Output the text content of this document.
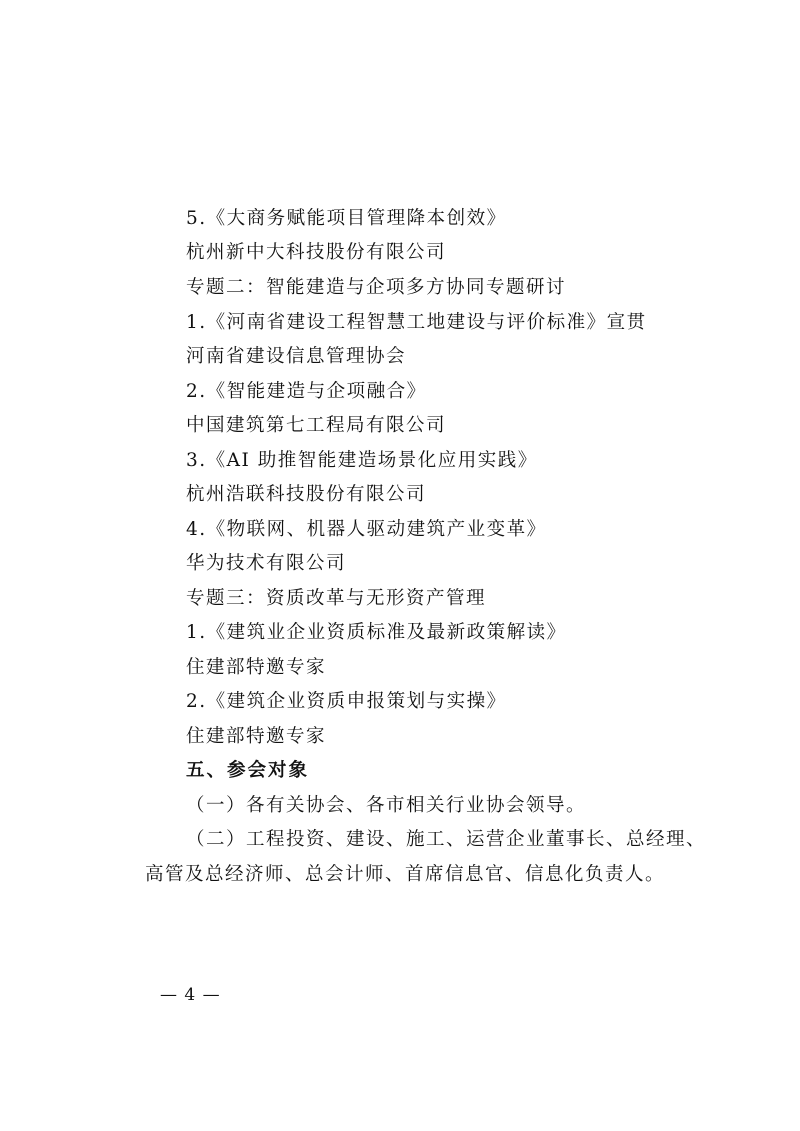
5.《大商务赋能项目管理降本创效》
杭州新中大科技股份有限公司
专题二：智能建造与企项多方协同专题研讨
1.《河南省建设工程智慧工地建设与评价标准》宣贯
河南省建设信息管理协会
2.《智能建造与企项融合》
中国建筑第七工程局有限公司
3.《AI 助推智能建造场景化应用实践》
杭州浩联科技股份有限公司
4.《物联网、机器人驱动建筑产业变革》
华为技术有限公司
专题三：资质改革与无形资产管理
1.《建筑业企业资质标准及最新政策解读》
住建部特邀专家
2.《建筑企业资质申报策划与实操》
住建部特邀专家
五、参会对象
（一）各有关协会、各市相关行业协会领导。
（二）工程投资、建设、施工、运营企业董事长、总经理、
高管及总经济师、总会计师、首席信息官、信息化负责人。
— 4 —
